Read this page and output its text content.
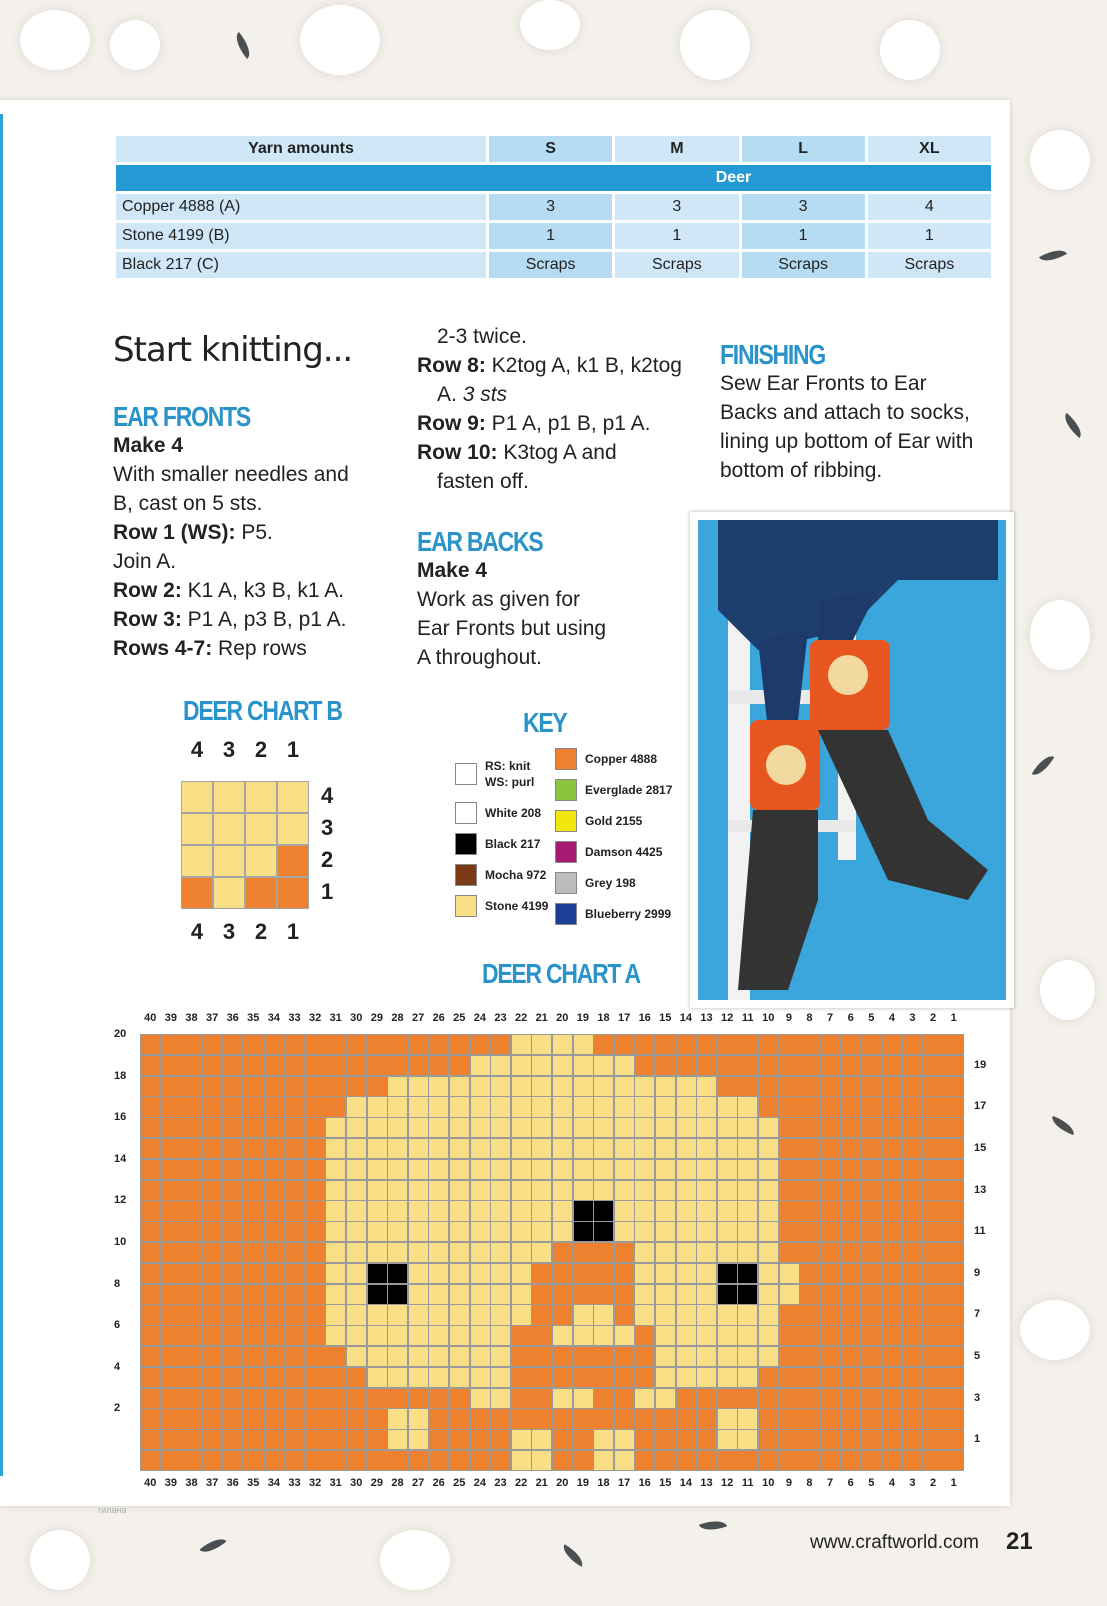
Yarn amounts	S	M	L	XL
Deer				
Copper 4888 (A)	3	3	3	4
Stone 4199 (B)	1	1	1	1
Black 217 (C)	Scraps	Scraps	Scraps	Scraps
Start knitting...
EAR FRONTS

Make 4

With smaller needles and

B, cast on 5 sts.

Row 1 (WS): P5.

Join A.

Row 2: K1 A, k3 B, k1 A.

Row 3: P1 A, p3 B, p1 A.

Rows 4-7: Rep rows

2-3 twice.

Row 8: K2tog A, k1 B, k2tog

A. 3 sts

Row 9: P1 A, p1 B, p1 A.

Row 10: K3tog A and

fasten off.

EAR BACKS

Make 4

Work as given for

Ear Fronts but using

A throughout.

FINISHING

Sew Ear Fronts to Ear

Backs and attach to socks,

lining up bottom of Ear with

bottom of ribbing.

DEER CHART B
4
4
3
3
2
2
1
1
4
3
2
1
KEY
RS: knit
WS: purl
White 208
Black 217
Mocha 972
Stone 4199
Copper 4888
Everglade 2817
Gold 2155
Damson 4425
Grey 198
Blueberry 2999
DEER CHART A
40
40
39
39
38
38
37
37
36
36
35
35
34
34
33
33
32
32
31
31
30
30
29
29
28
28
27
27
26
26
25
25
24
24
23
23
22
22
21
21
20
20
19
19
18
18
17
17
16
16
15
15
14
14
13
13
12
12
11
11
10
10
9
9
8
8
7
7
6
6
5
5
4
4
3
3
2
2
1
1
20
18
16
14
12
10
8
6
4
2
19
17
15
13
11
9
7
5
3
1
гилана
www.craftworld.com 21
